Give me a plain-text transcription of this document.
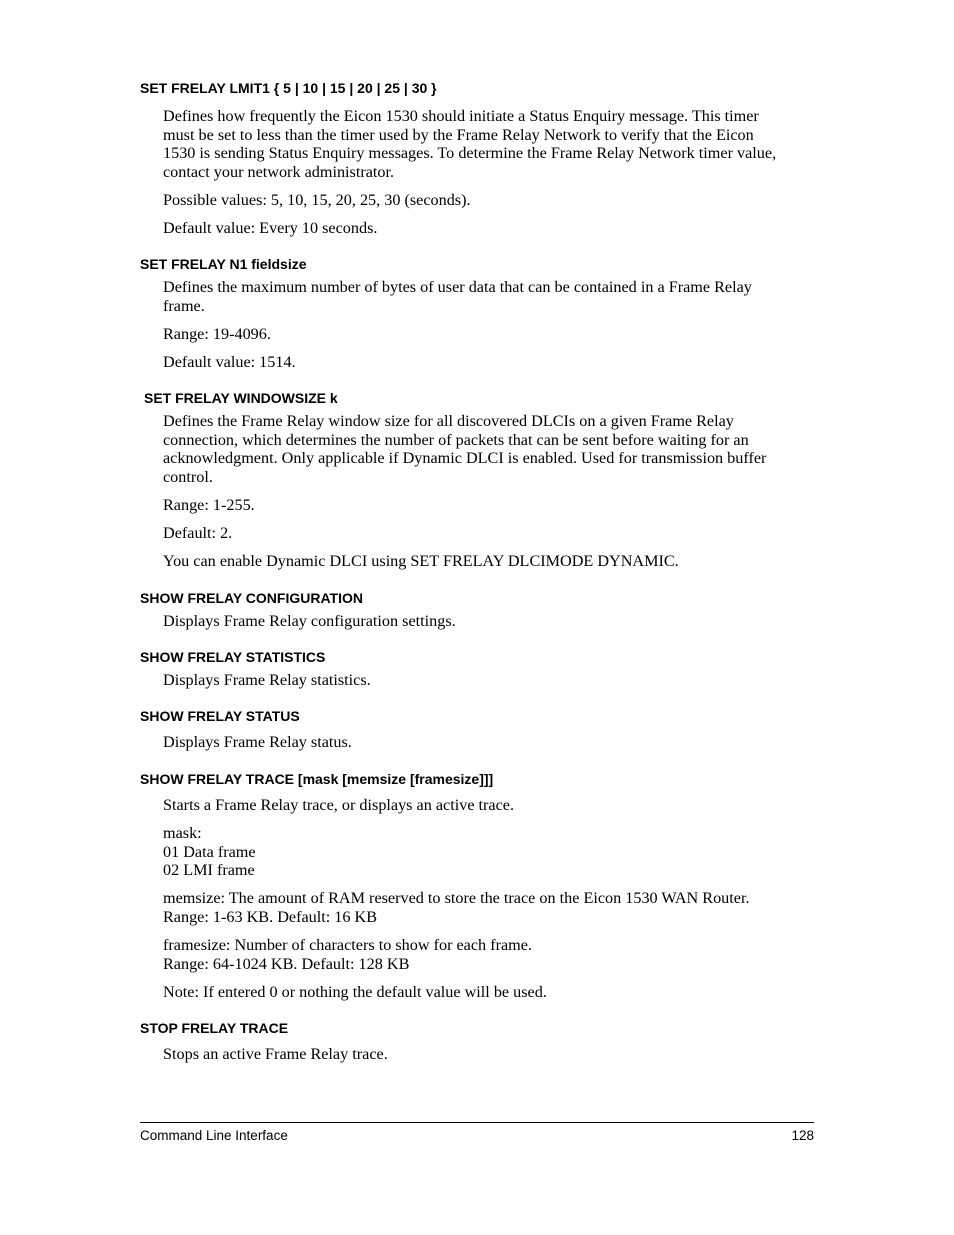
SET FRELAY LMIT1 { 5 | 10 | 15 | 20 | 25 | 30 }
Defines how frequently the Eicon 1530 should initiate a Status Enquiry message. This timer
must be set to less than the timer used by the Frame Relay Network to verify that the Eicon
1530 is sending Status Enquiry messages. To determine the Frame Relay Network timer value,
contact your network administrator.
Possible values: 5, 10, 15, 20, 25, 30 (seconds).
Default value: Every 10 seconds.
SET FRELAY N1 fieldsize
Defines the maximum number of bytes of user data that can be contained in a Frame Relay
frame.
Range: 19-4096.
Default value: 1514.
SET FRELAY WINDOWSIZE k
Defines the Frame Relay window size for all discovered DLCIs on a given Frame Relay
connection, which determines the number of packets that can be sent before waiting for an
acknowledgment. Only applicable if Dynamic DLCI is enabled. Used for transmission buffer
control.
Range: 1-255.
Default: 2.
You can enable Dynamic DLCI using SET FRELAY DLCIMODE DYNAMIC.
SHOW FRELAY CONFIGURATION
Displays Frame Relay configuration settings.
SHOW FRELAY STATISTICS
Displays Frame Relay statistics.
SHOW FRELAY STATUS
Displays Frame Relay status.
SHOW FRELAY TRACE [mask [memsize [framesize]]]
Starts a Frame Relay trace, or displays an active trace.
mask:
01 Data frame
02 LMI frame
memsize: The amount of RAM reserved to store the trace on the Eicon 1530 WAN Router.
Range: 1-63 KB. Default: 16 KB
framesize: Number of characters to show for each frame.
Range: 64-1024 KB. Default: 128 KB
Note: If entered 0 or nothing the default value will be used.
STOP FRELAY TRACE
Stops an active Frame Relay trace.
Command Line Interface	128
